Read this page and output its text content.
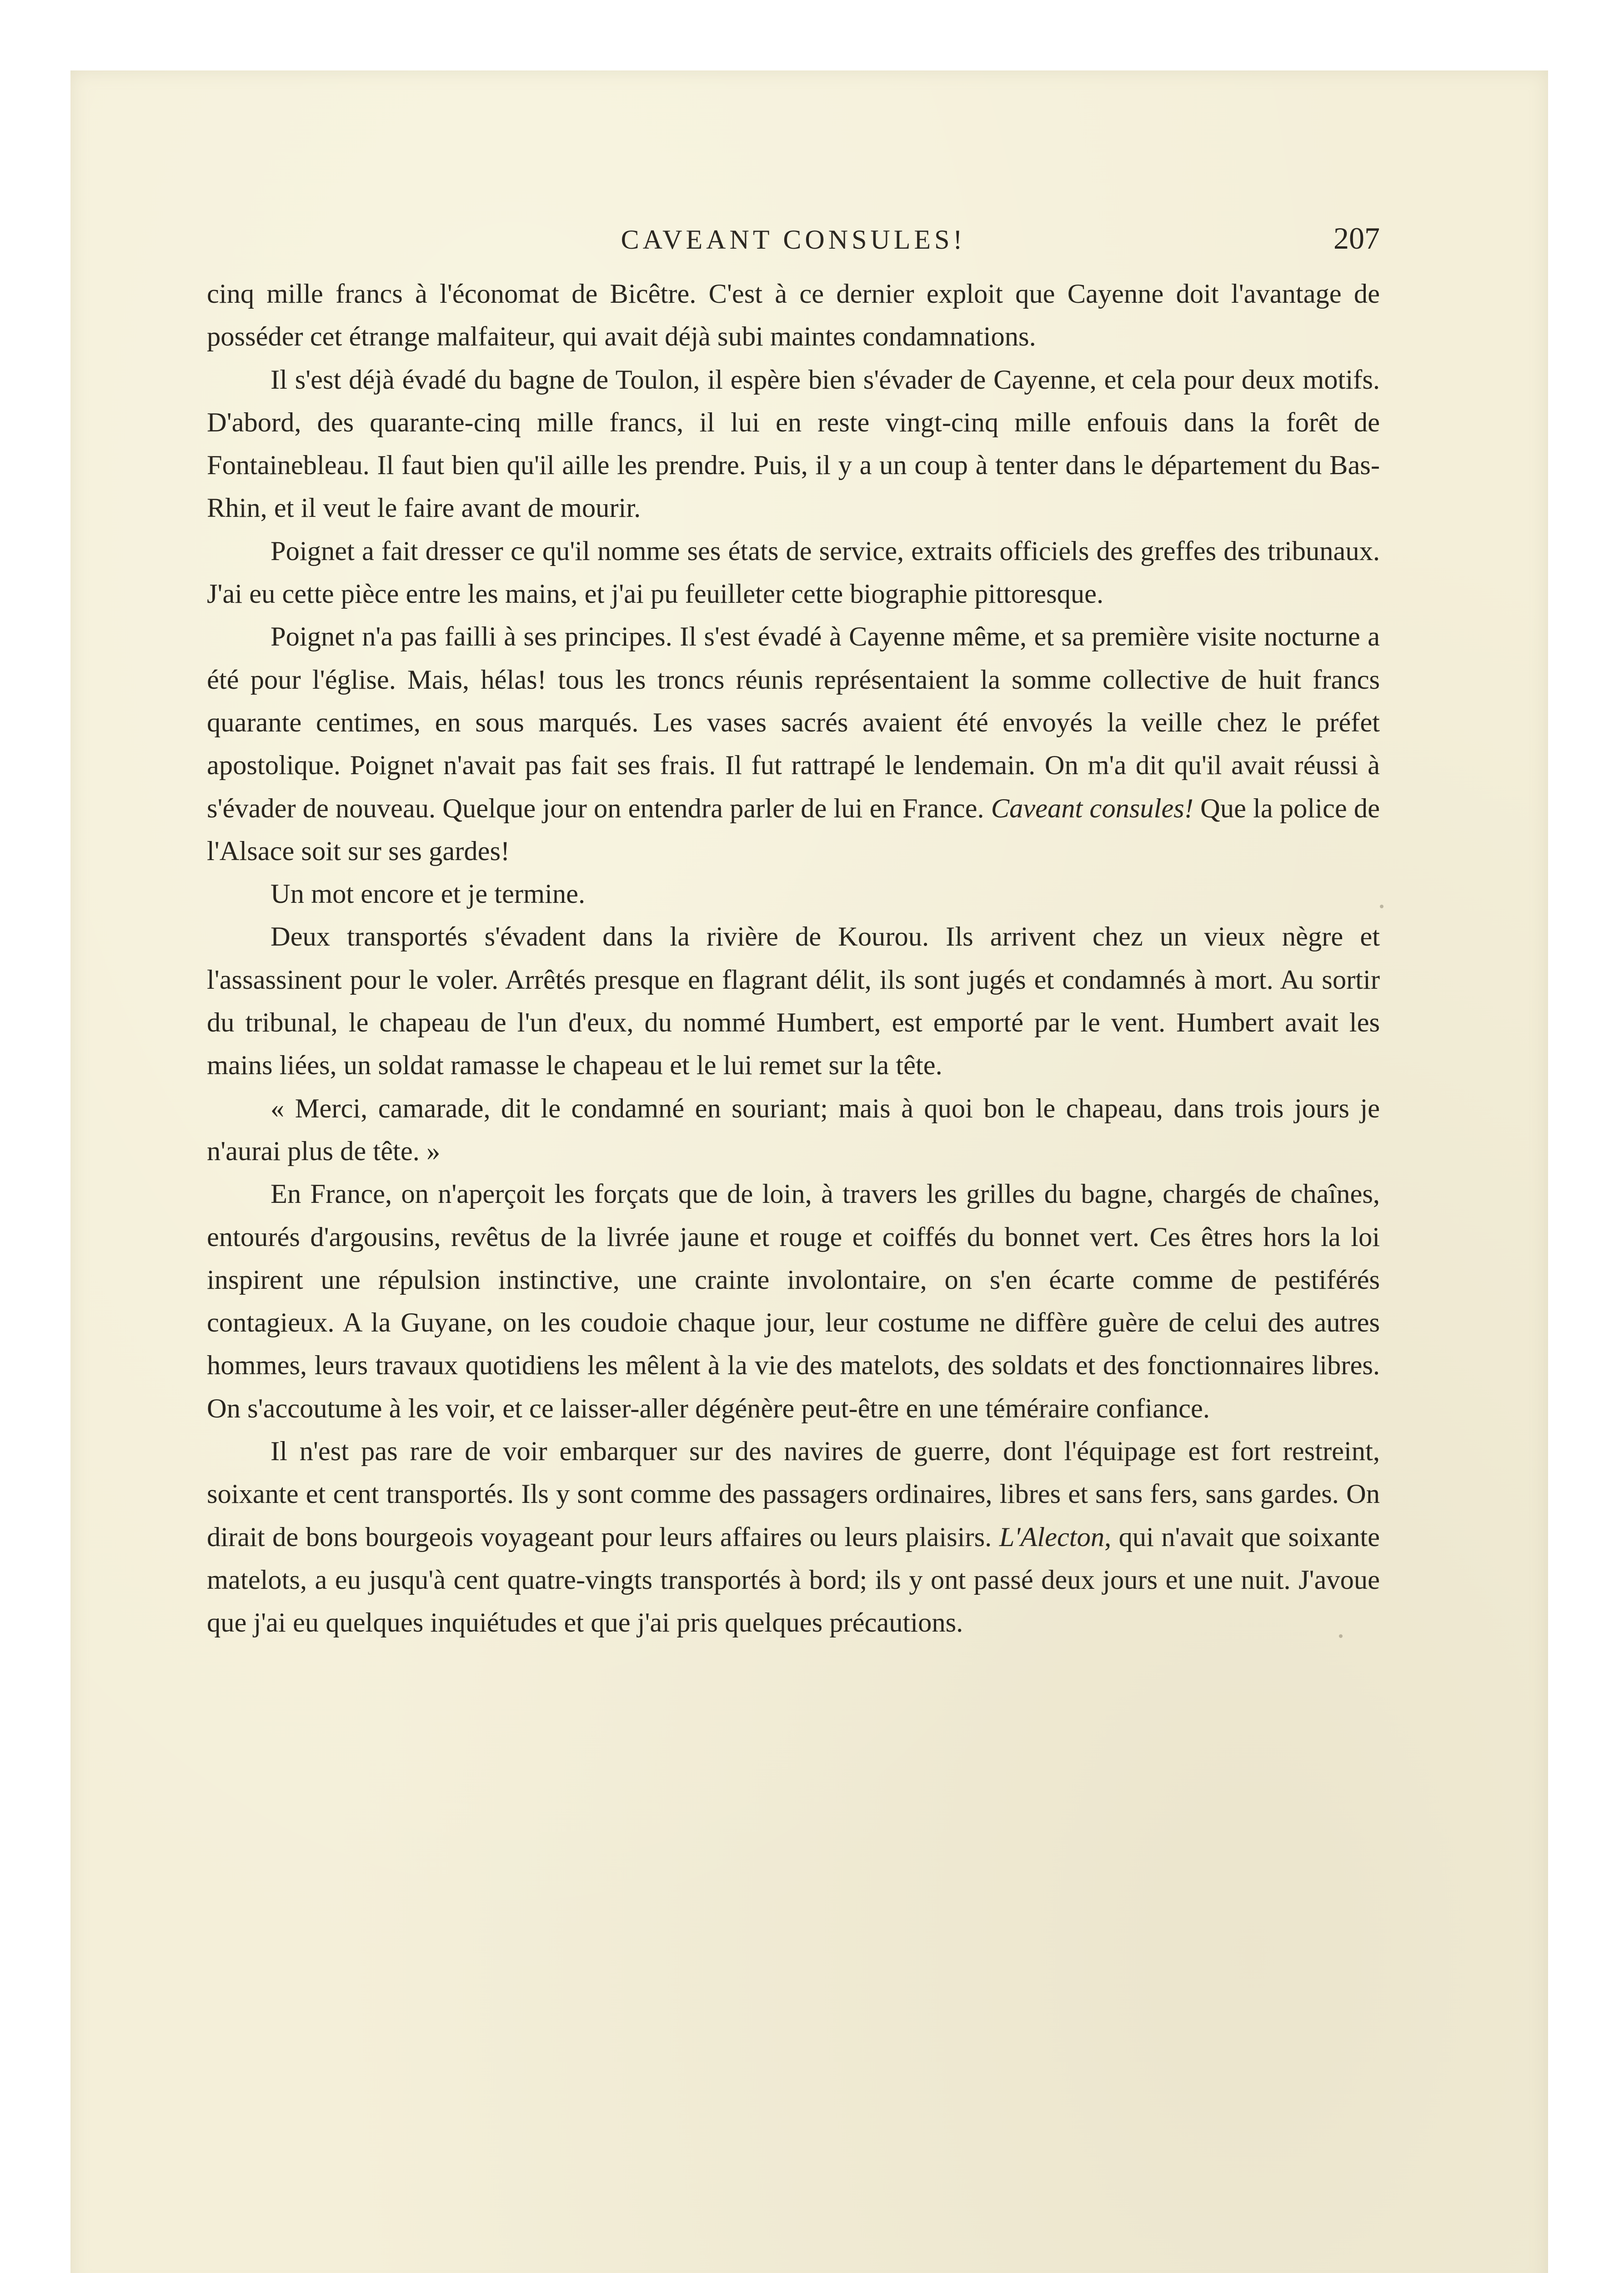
CAVEANT CONSULES!	207

cinq mille francs à l'économat de Bicêtre. C'est à ce dernier exploit que Cayenne doit l'avantage de posséder cet étrange malfaiteur, qui avait déjà subi maintes condamnations.

Il s'est déjà évadé du bagne de Toulon, il espère bien s'évader de Cayenne, et cela pour deux motifs. D'abord, des quarante-cinq mille francs, il lui en reste vingt-cinq mille enfouis dans la forêt de Fontainebleau. Il faut bien qu'il aille les prendre. Puis, il y a un coup à tenter dans le département du Bas-Rhin, et il veut le faire avant de mourir.

Poignet a fait dresser ce qu'il nomme ses états de service, extraits officiels des greffes des tribunaux. J'ai eu cette pièce entre les mains, et j'ai pu feuilleter cette biographie pittoresque.

Poignet n'a pas failli à ses principes. Il s'est évadé à Cayenne même, et sa première visite nocturne a été pour l'église. Mais, hélas! tous les troncs réunis représentaient la somme collective de huit francs quarante centimes, en sous marqués. Les vases sacrés avaient été envoyés la veille chez le préfet apostolique. Poignet n'avait pas fait ses frais. Il fut rattrapé le lendemain. On m'a dit qu'il avait réussi à s'évader de nouveau. Quelque jour on entendra parler de lui en France. Caveant consules! Que la police de l'Alsace soit sur ses gardes!

Un mot encore et je termine.

Deux transportés s'évadent dans la rivière de Kourou. Ils arrivent chez un vieux nègre et l'assassinent pour le voler. Arrêtés presque en flagrant délit, ils sont jugés et condamnés à mort. Au sortir du tribunal, le chapeau de l'un d'eux, du nommé Humbert, est emporté par le vent. Humbert avait les mains liées, un soldat ramasse le chapeau et le lui remet sur la tête.

« Merci, camarade, dit le condamné en souriant; mais à quoi bon le chapeau, dans trois jours je n'aurai plus de tête. »

En France, on n'aperçoit les forçats que de loin, à travers les grilles du bagne, chargés de chaînes, entourés d'argousins, revêtus de la livrée jaune et rouge et coiffés du bonnet vert. Ces êtres hors la loi inspirent une répulsion instinctive, une crainte involontaire, on s'en écarte comme de pestiférés contagieux. A la Guyane, on les coudoie chaque jour, leur costume ne diffère guère de celui des autres hommes, leurs travaux quotidiens les mêlent à la vie des matelots, des soldats et des fonctionnaires libres. On s'accoutume à les voir, et ce laisser-aller dégénère peut-être en une téméraire confiance.

Il n'est pas rare de voir embarquer sur des navires de guerre, dont l'équipage est fort restreint, soixante et cent transportés. Ils y sont comme des passagers ordinaires, libres et sans fers, sans gardes. On dirait de bons bourgeois voyageant pour leurs affaires ou leurs plaisirs. L'Alecton, qui n'avait que soixante matelots, a eu jusqu'à cent quatre-vingts transportés à bord; ils y ont passé deux jours et une nuit. J'avoue que j'ai eu quelques inquiétudes et que j'ai pris quelques précautions.
